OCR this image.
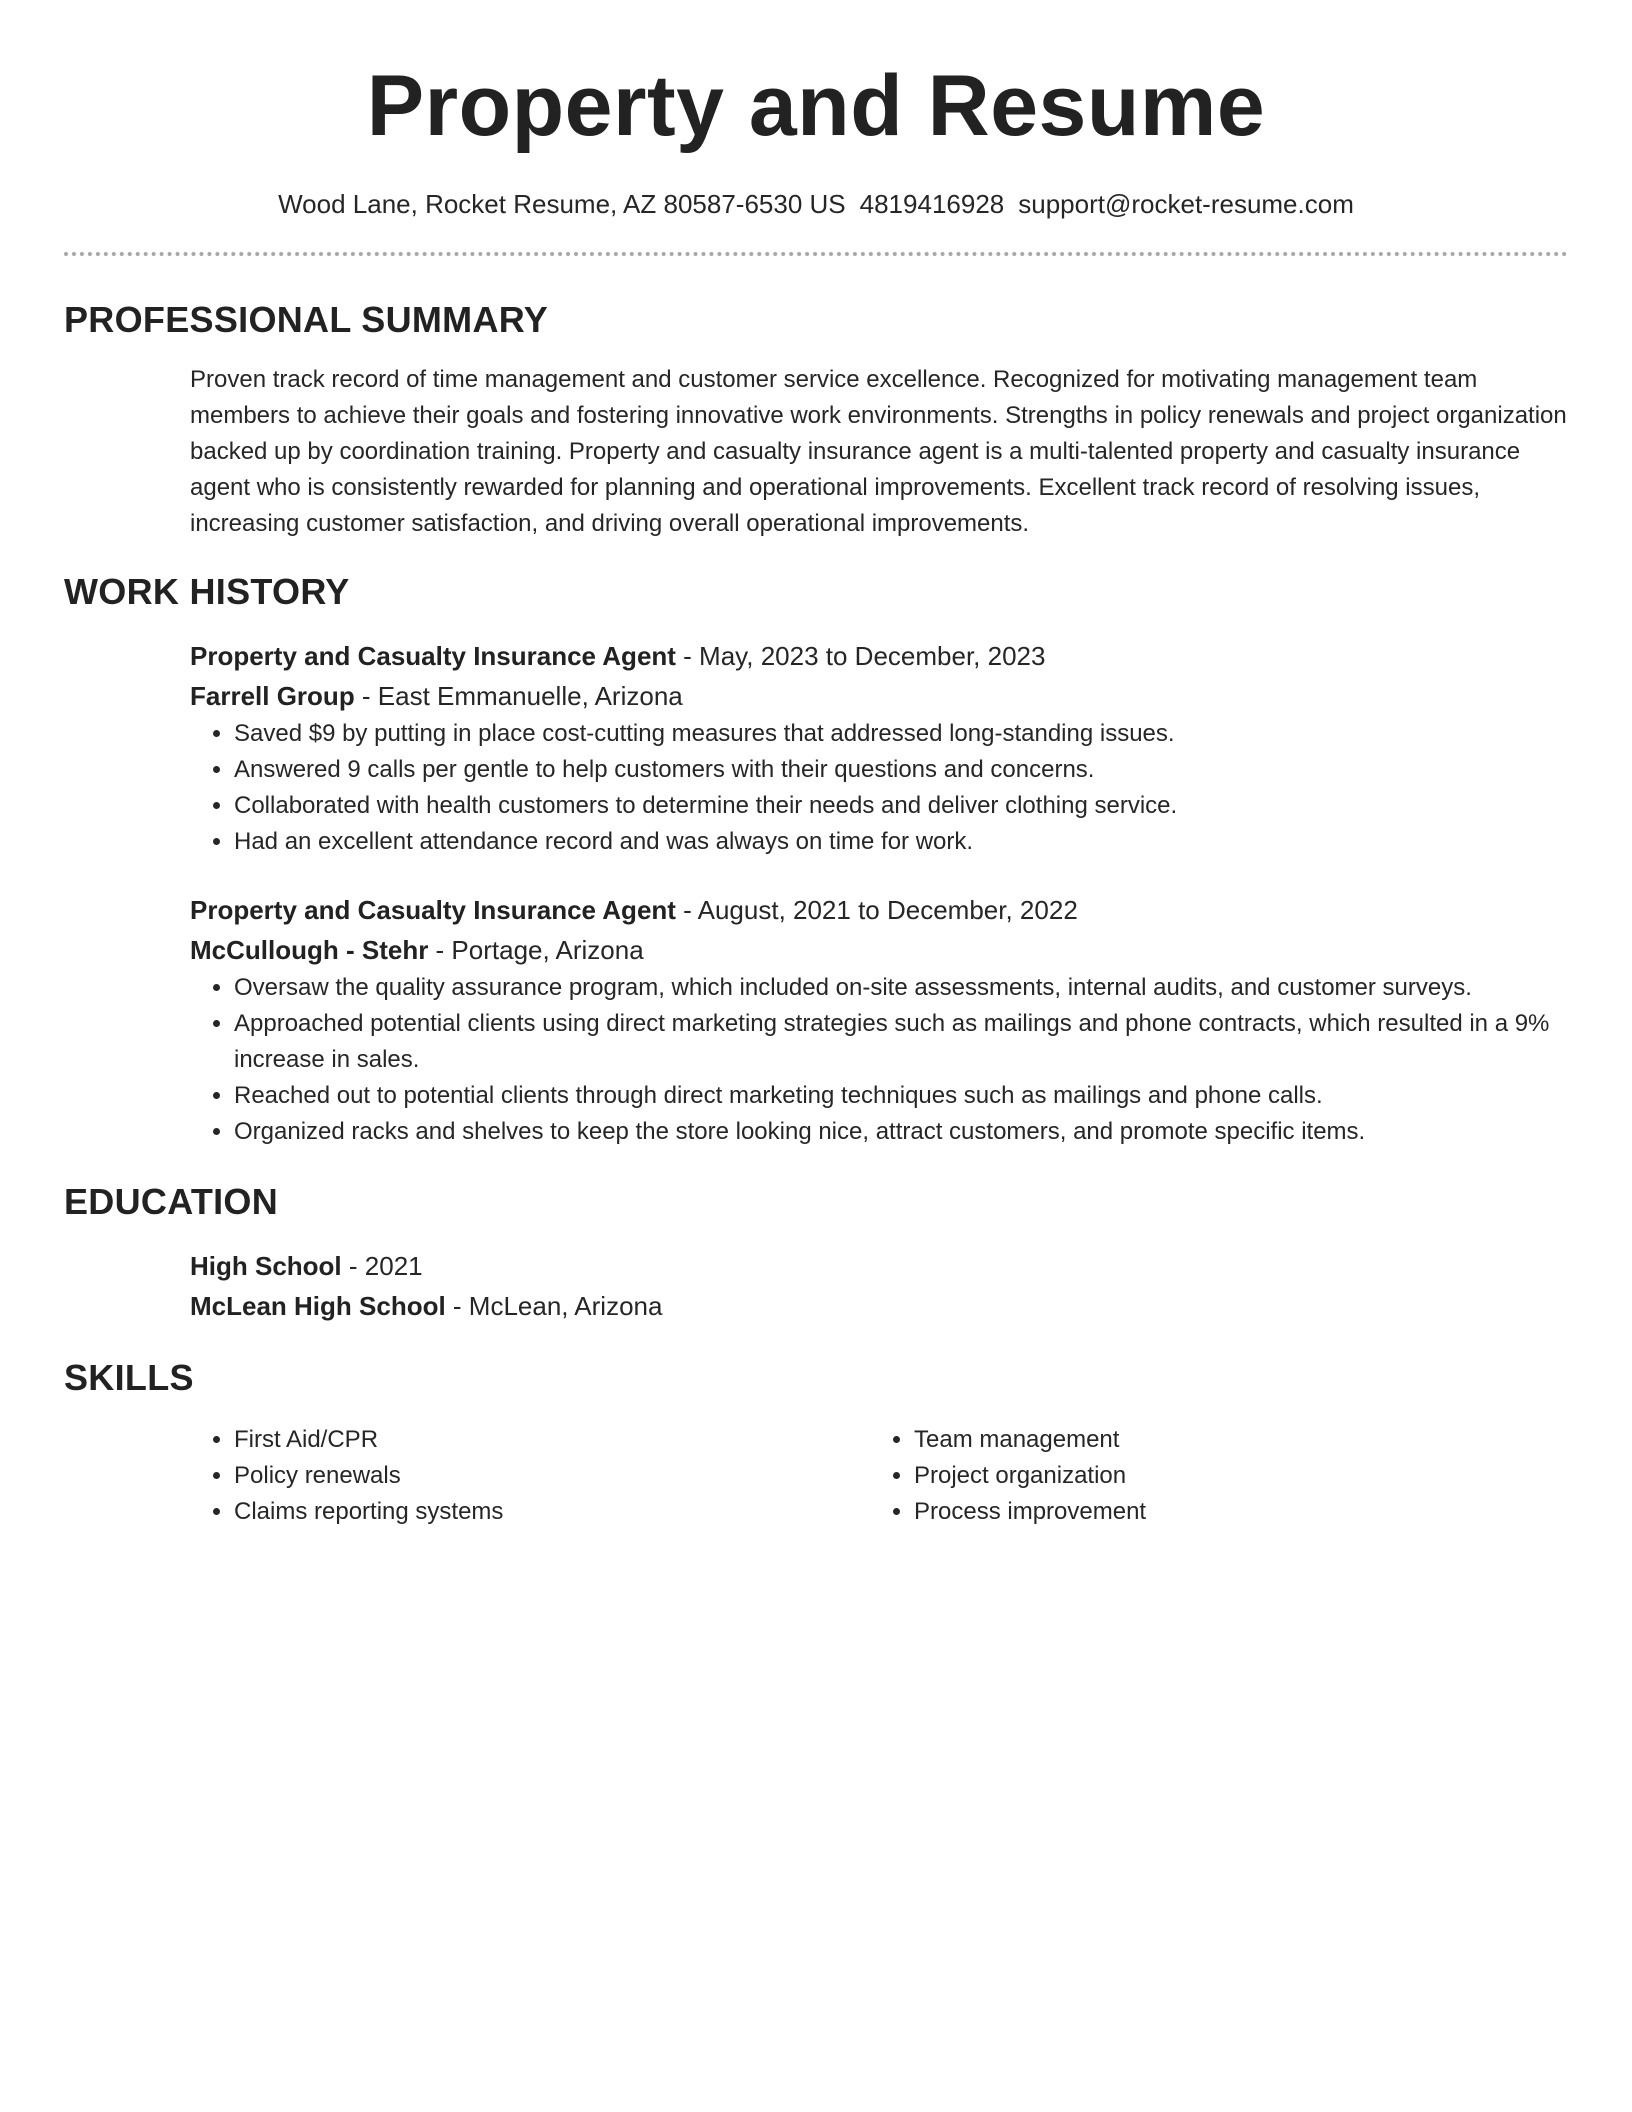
Property and Resume
Wood Lane, Rocket Resume, AZ 80587-6530 US 4819416928 support@rocket-resume.com
PROFESSIONAL SUMMARY

Proven track record of time management and customer service excellence. Recognized for motivating management team members to achieve their goals and fostering innovative work environments. Strengths in policy renewals and project organization backed up by coordination training. Property and casualty insurance agent is a multi-talented property and casualty insurance agent who is consistently rewarded for planning and operational improvements. Excellent track record of resolving issues, increasing customer satisfaction, and driving overall operational improvements.

WORK HISTORY
Property and Casualty Insurance Agent - May, 2023 to December, 2023
Farrell Group - East Emmanuelle, Arizona
• Saved $9 by putting in place cost-cutting measures that addressed long-standing issues.
• Answered 9 calls per gentle to help customers with their questions and concerns.
• Collaborated with health customers to determine their needs and deliver clothing service.
• Had an excellent attendance record and was always on time for work.
Property and Casualty Insurance Agent - August, 2021 to December, 2022
McCullough - Stehr - Portage, Arizona
• Oversaw the quality assurance program, which included on-site assessments, internal audits, and customer surveys.
• Approached potential clients using direct marketing strategies such as mailings and phone contracts, which resulted in a 9% increase in sales.
• Reached out to potential clients through direct marketing techniques such as mailings and phone calls.
• Organized racks and shelves to keep the store looking nice, attract customers, and promote specific items.
EDUCATION
High School - 2021
McLean High School - McLean, Arizona
SKILLS
• First Aid/CPR
• Policy renewals
• Claims reporting systems
• Team management
• Project organization
• Process improvement
